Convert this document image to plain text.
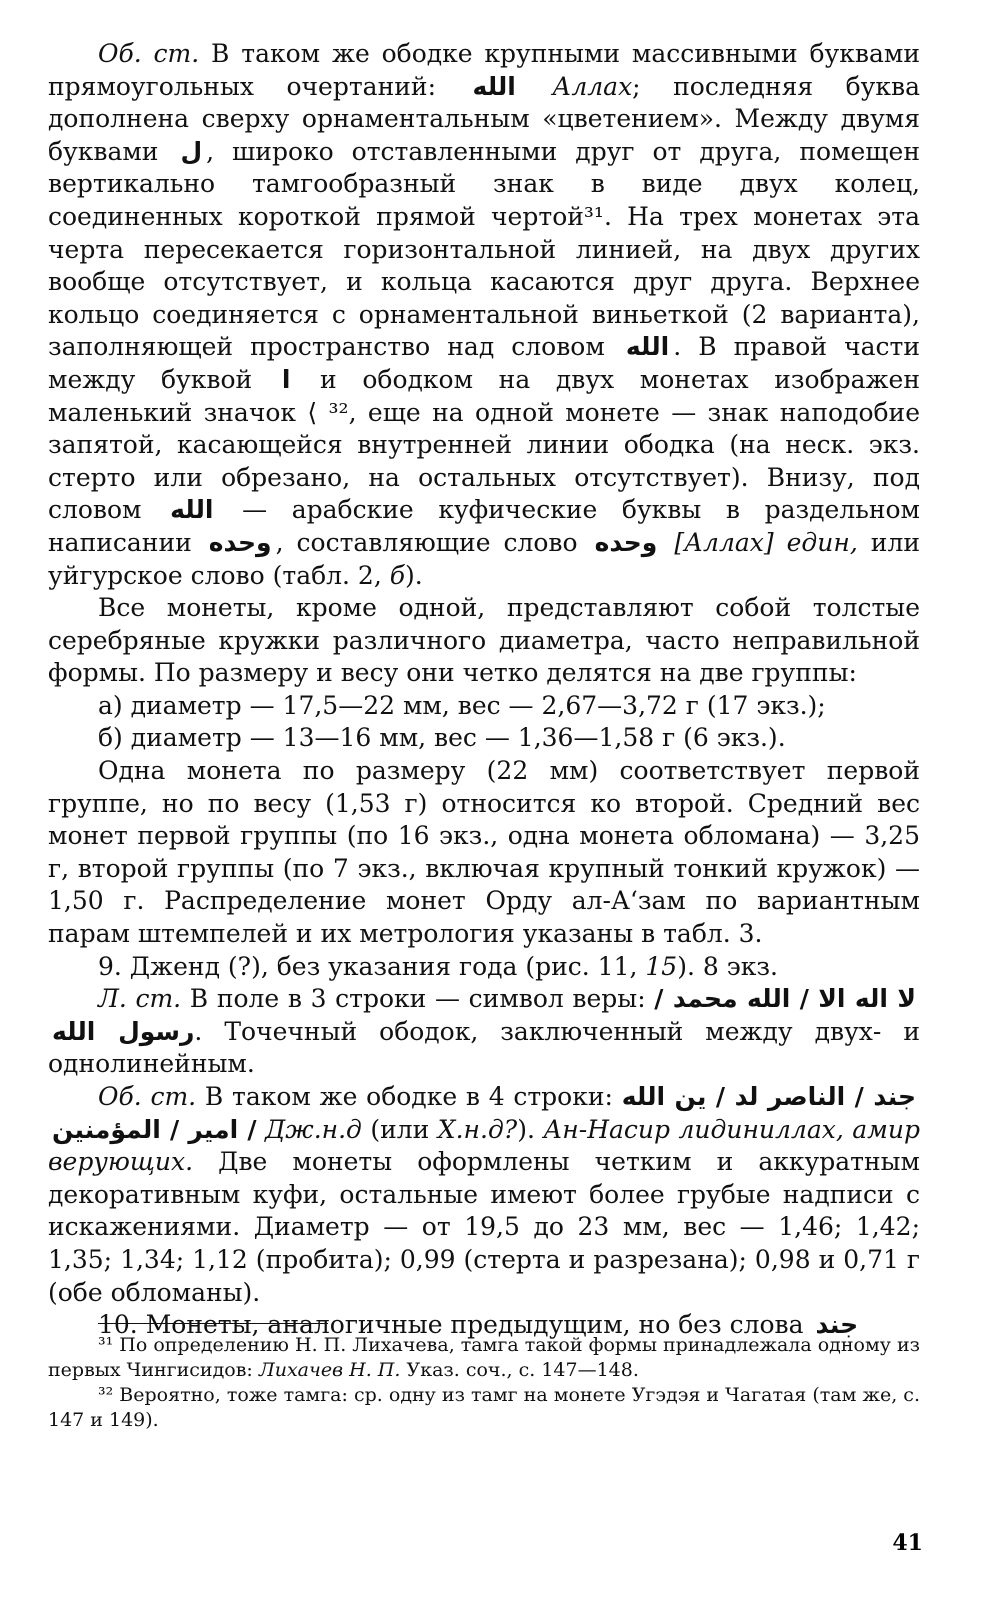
Об. ст. В таком же ободке крупными массивными буквами прямоугольных очертаний: الله Аллах; последняя буква дополнена сверху орнаментальным «цветением». Между двумя буквами ل , широко отставленными друг от друга, помещен вертикально тамгообразный знак в виде двух колец, соединенных короткой прямой чертой³¹. На трех монетах эта черта пересекается горизонтальной линией, на двух других вообще отсутствует, и кольца касаются друг друга. Верхнее кольцо соединяется с орнаментальной виньеткой (2 варианта), заполняющей пространство над словом الله . В правой части между буквой ا и ободком на двух монетах изображен маленький значок ⟨ ³², еще на одной монете — знак наподобие запятой, касающейся внутренней линии ободка (на неск. экз. стерто или обрезано, на остальных отсутствует). Внизу, под словом الله — арабские куфические буквы в раздельном написании وحده , составляющие слово وحده [Аллах] един, или уйгурское слово (табл. 2, б).

Все монеты, кроме одной, представляют собой толстые серебряные кружки различного диаметра, часто неправильной формы. По размеру и весу они четко делятся на две группы:

а) диаметр — 17,5—22 мм, вес — 2,67—3,72 г (17 экз.);

б) диаметр — 13—16 мм, вес — 1,36—1,58 г (6 экз.).

Одна монета по размеру (22 мм) соответствует первой группе, но по весу (1,53 г) относится ко второй. Средний вес монет первой группы (по 16 экз., одна монета обломана) — 3,25 г, второй группы (по 7 экз., включая крупный тонкий кружок) — 1,50 г. Распределение монет Орду ал-А‘зам по вариантным парам штемпелей и их метрология указаны в табл. 3.

9. Дженд (?), без указания года (рис. 11, 15). 8 экз.

Л. ст. В поле в 3 строки — символ веры: لا اله الا / الله محمد / رسول الله. Точечный ободок, заключенный между двух- и однолинейным.

Об. ст. В таком же ободке в 4 строки: جند / الناصر لد / ين الله / امير / المؤمنين Дж.н.д (или Х.н.д?). Ан-Насир лидиниллах, амир верующих. Две монеты оформлены четким и аккуратным декоративным куфи, остальные имеют более грубые надписи с искажениями. Диаметр — от 19,5 до 23 мм, вес — 1,46; 1,42; 1,35; 1,34; 1,12 (пробита); 0,99 (стерта и разрезана); 0,98 и 0,71 г (обе обломаны).

10. Монеты, аналогичные предыдущим, но без слова جند

³¹ По определению Н. П. Лихачева, тамга такой формы принадлежала одному из первых Чингисидов: Лихачев Н. П. Указ. соч., с. 147—148.

³² Вероятно, тоже тамга: ср. одну из тамг на монете Угэдэя и Чагатая (там же, с. 147 и 149).

41
